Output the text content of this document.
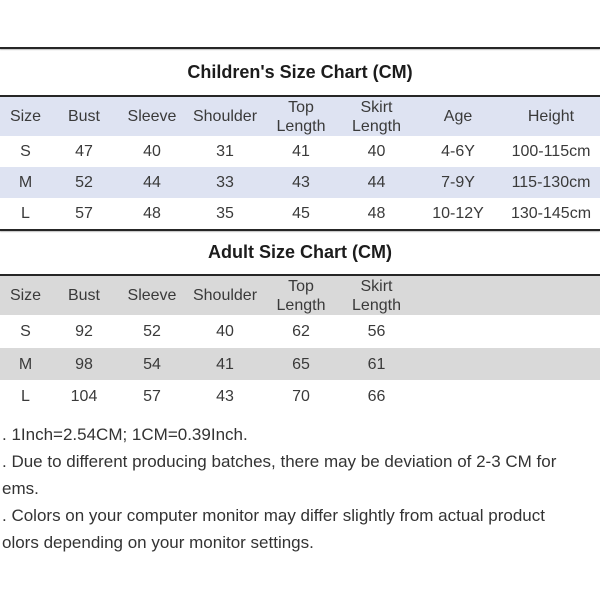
Children's Size Chart (CM)
Size	Bust	Sleeve	Shoulder	Top Length	Skirt Length	Age	Height
S	47	40	31	41	40	4-6Y	100-115cm
M	52	44	33	43	44	7-9Y	115-130cm
L	57	48	35	45	48	10-12Y	130-145cm
Adult Size Chart (CM)
Size	Bust	Sleeve	Shoulder	Top Length	Skirt Length	
S	92	52	40	62	56	
M	98	54	41	65	61	
L	104	57	43	70	66	
. 1Inch=2.54CM; 1CM=0.39Inch.
. Due to different producing batches, there may be deviation of 2-3 CM for
ems.
. Colors on your computer monitor may differ slightly from actual product
olors depending on your monitor settings.
